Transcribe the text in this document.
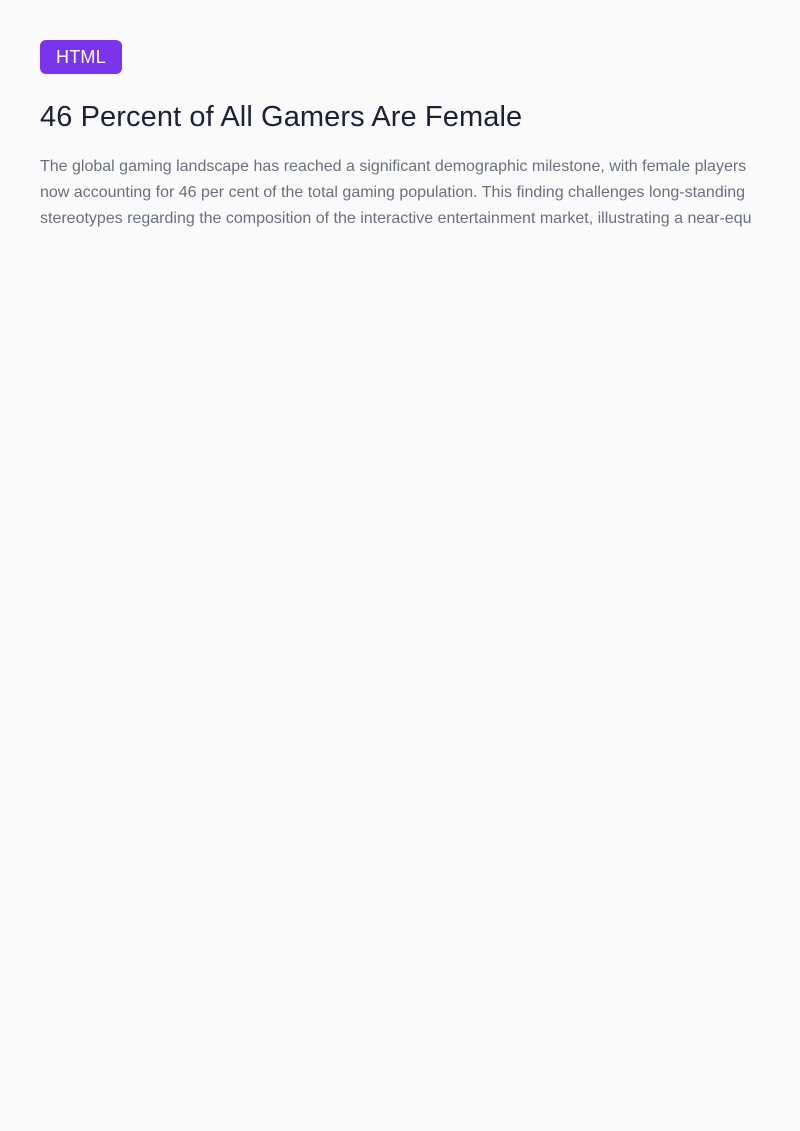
HTML
46 Percent of All Gamers Are Female

The global gaming landscape has reached a significant demographic milestone, with female players now accounting for 46 per cent of the total gaming population. This finding challenges long-standing stereotypes regarding the composition of the interactive entertainment market, illustrating a near-equ
